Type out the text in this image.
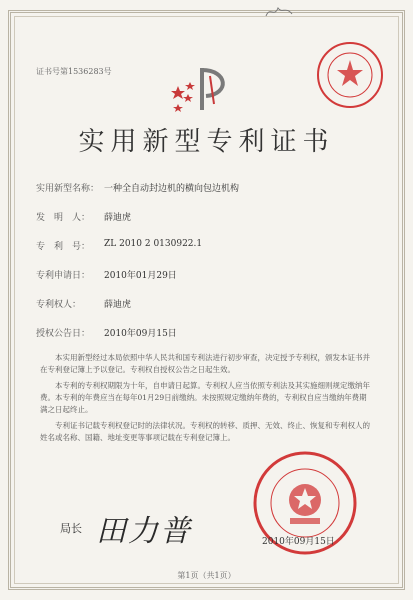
证书号第1536283号
实用新型专利证书
实用新型名称： 一种全自动封边机的横向包边机构
发　明　人： 薛迪虎
专　利　号： ZL 2010 2 0130922.1
专利申请日： 2010年01月29日
专利权人：	薛迪虎
授权公告日： 2010年09月15日
本实用新型经过本局依照中华人民共和国专利法进行初步审查，决定授予专利权，颁发本证书并在专利登记簿上予以登记。专利权自授权公告之日起生效。
本专利的专利权期限为十年，自申请日起算。专利权人应当依照专利法及其实施细则规定缴纳年费。本专利的年费应当在每年01月29日前缴纳。未按照规定缴纳年费的，专利权自应当缴纳年费期满之日起终止。
专利证书记载专利权登记时的法律状况。专利权的转移、质押、无效、终止、恢复和专利权人的姓名或名称、国籍、地址变更等事项记载在专利登记簿上。
局长 田力普	2010年09月15日
第1页（共1页）
